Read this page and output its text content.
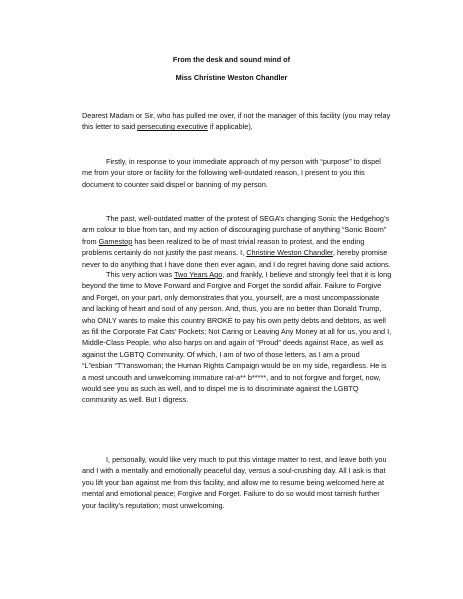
From the desk and sound mind of
Miss Christine Weston Chandler
Dearest Madam or Sir, who has pulled me over, if not the manager of this facility (you may relay
this letter to said persecuting executive if applicable),
Firstly, in response to your immediate approach of my person with “purpose” to dispel
me from your store or facility for the following well-outdated reason, I present to you this
document to counter said dispel or banning of my person.
The past, well-outdated matter of the protest of SEGA’s changing Sonic the Hedgehog’s
arm colour to blue from tan, and my action of discouraging purchase of anything “Sonic Boom”
from Gamestop has been realized to be of most trivial reason to protest, and the ending
problems certainly do not justify the past means. I, Christine Weston Chandler, hereby promise
never to do anything that I have done then ever again, and I do regret having done said actions.
This very action was Two Years Ago, and frankly, I believe and strongly feel that it is long
beyond the time to Move Forward and Forgive and Forget the sordid affair. Failure to Forgive
and Forget, on your part, only demonstrates that you, yourself, are a most uncompassionate
and lacking of heart and soul of any person. And, thus, you are no better than Donald Trump,
who ONLY wants to make this country BROKE to pay his own petty debts and debtors, as well
as fill the Corporate Fat Cats’ Pockets; Not Caring or Leaving Any Money at all for us, you and I,
Middle-Class People, who also harps on and again of “Proud” deeds against Race, as well as
against the LGBTQ Community. Of which, I am of two of those letters, as I am a proud
“L”esbian “T”ranswoman; the Human Rights Campaign would be on my side, regardless. He is
a most uncouth and unwelcoming immature rat-a** b*****, and to not forgive and forget, now,
would see you as such as well, and to dispel me is to discriminate against the LGBTQ
community as well. But I digress.
I, personally, would like very much to put this vintage matter to rest, and leave both you
and I with a mentally and emotionally peaceful day, versus a soul-crushing day. All I ask is that
you lift your ban against me from this facility, and allow me to resume being welcomed here at
mental and emotional peace; Forgive and Forget. Failure to do so would most tarnish further
your facility’s reputation; most unwelcoming.
